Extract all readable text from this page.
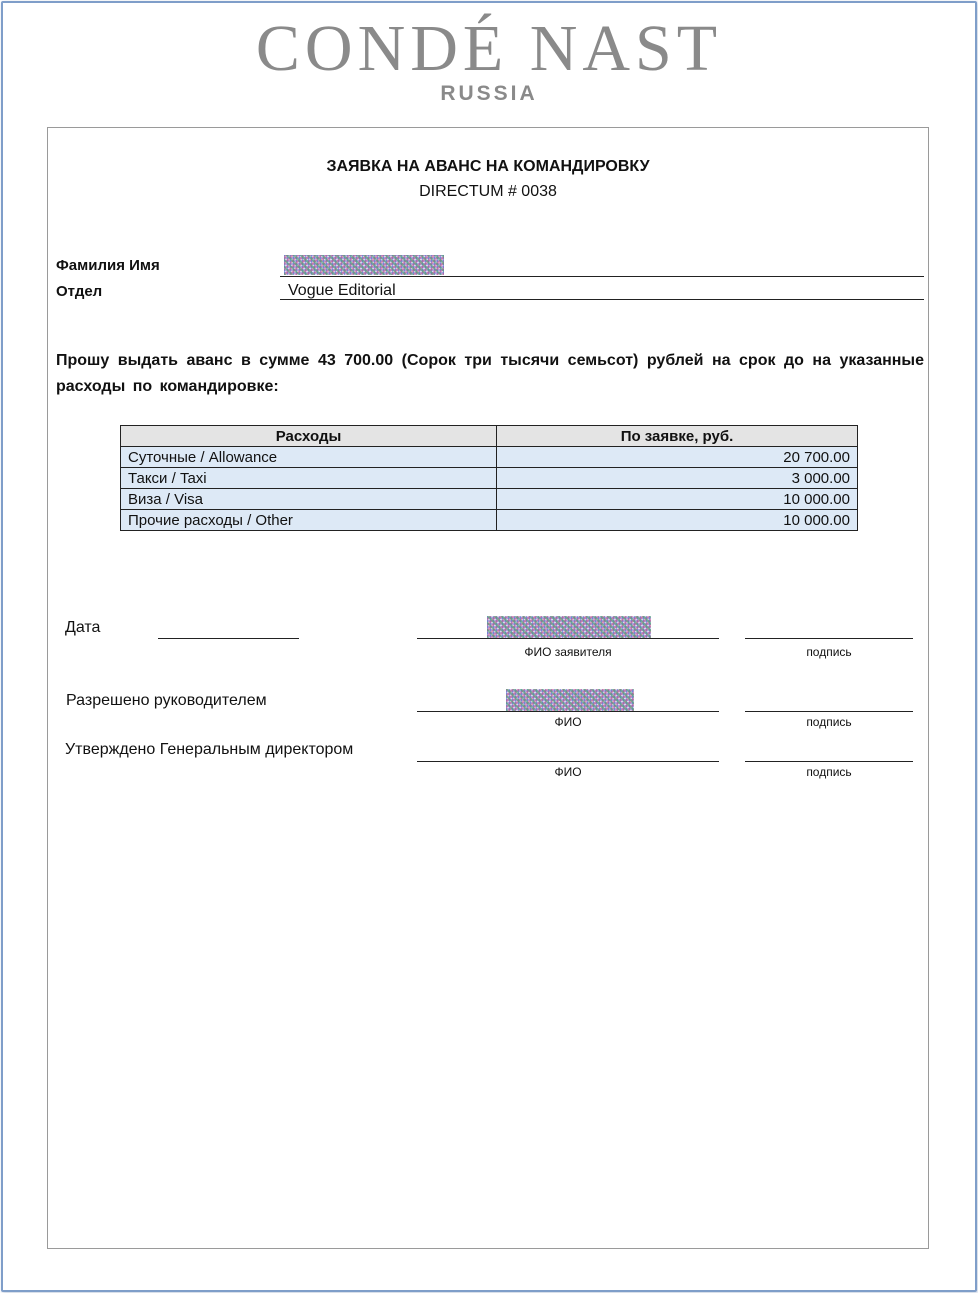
CONDÉ NAST
RUSSIA
ЗАЯВКА НА АВАНС НА КОМАНДИРОВКУ
DIRECTUM # 0038
Фамилия Имя
Отдел	Vogue Editorial
Прошу выдать аванс в сумме 43 700.00 (Сорок три тысячи семьсот) рублей на срок до на указанные расходы по командировке:
Расходы	По заявке, руб.
Суточные / Allowance	20 700.00
Такси / Taxi	3 000.00
Виза / Visa	10 000.00
Прочие расходы / Other	10 000.00
Дата
ФИО заявителя	подпись
Разрешено руководителем
ФИО	подпись
Утверждено Генеральным директором
ФИО	подпись
